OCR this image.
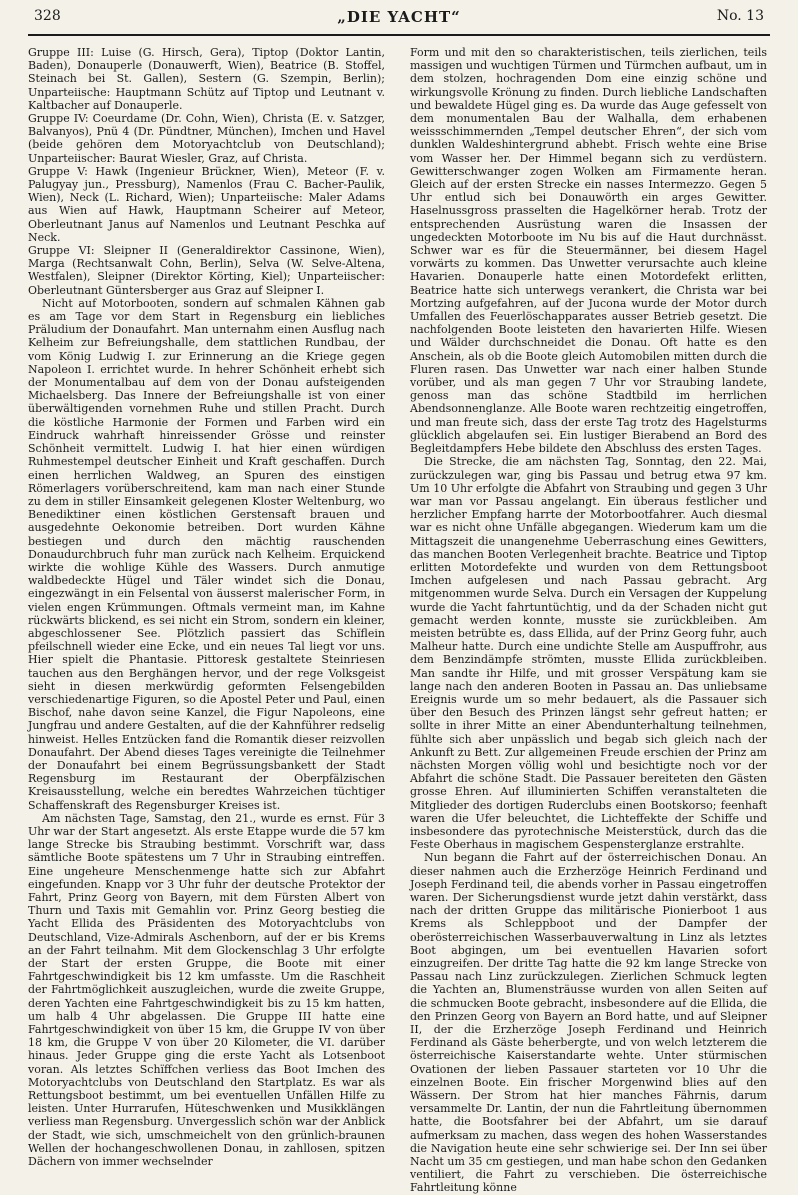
328	„DIE YACHT“	No. 13

Gruppe III: Luise (G. Hirsch, Gera), Tiptop (Doktor Lantin, Baden), Donauperle (Donauwerft, Wien), Beatrice (B. Stoffel, Steinach bei St. Gallen), Sestern (G. Szempin, Berlin); Unparteiische: Hauptmann Schütz auf Tiptop und Leutnant v. Kaltbacher auf Donauperle.

Gruppe IV: Coeurdame (Dr. Cohn, Wien), Christa (E. v. Satzger, Balvanyos), Pnü 4 (Dr. Pündtner, München), Imchen und Havel (beide gehören dem Motoryachtclub von Deutschland); Unparteiischer: Baurat Wiesler, Graz, auf Christa.

Gruppe V: Hawk (Ingenieur Brückner, Wien), Meteor (F. v. Palugyay jun., Pressburg), Namenlos (Frau C. Bacher-Paulik, Wien), Neck (L. Richard, Wien); Unparteiische: Maler Adams aus Wien auf Hawk, Hauptmann Scheirer auf Meteor, Oberleutnant Janus auf Namenlos und Leutnant Peschka auf Neck.

Gruppe VI: Sleipner II (Generaldirektor Cassinone, Wien), Marga (Rechtsanwalt Cohn, Berlin), Selva (W. Selve-Altena, Westfalen), Sleipner (Direktor Körting, Kiel); Unparteiischer: Oberleutnant Güntersberger aus Graz auf Sleipner I.

Nicht auf Motorbooten, sondern auf schmalen Kähnen gab es am Tage vor dem Start in Regensburg ein liebliches Präludium der Donaufahrt. Man unternahm einen Ausflug nach Kelheim zur Befreiungshalle, dem stattlichen Rundbau, der vom König Ludwig I. zur Erinnerung an die Kriege gegen Napoleon I. errichtet wurde. In hehrer Schönheit erhebt sich der Monumentalbau auf dem von der Donau aufsteigenden Michaelsberg. Das Innere der Befreiungshalle ist von einer überwältigenden vornehmen Ruhe und stillen Pracht. Durch die köstliche Harmonie der Formen und Farben wird ein Eindruck wahrhaft hinreissender Grösse und reinster Schönheit vermittelt. Ludwig I. hat hier einen würdigen Ruhmestempel deutscher Einheit und Kraft geschaffen. Durch einen herrlichen Waldweg, an Spuren des einstigen Römerlagers vorüberschreitend, kam man nach einer Stunde zu dem in stiller Einsamkeit gelegenen Kloster Weltenburg, wo Benediktiner einen köstlichen Gerstensaft brauen und ausgedehnte Oekonomie betreiben. Dort wurden Kähne bestiegen und durch den mächtig rauschenden Donaudurchbruch fuhr man zurück nach Kelheim. Erquickend wirkte die wohlige Kühle des Wassers. Durch anmutige waldbedeckte Hügel und Täler windet sich die Donau, eingezwängt in ein Felsental von äusserst malerischer Form, in vielen engen Krümmungen. Oftmals vermeint man, im Kahne rückwärts blickend, es sei nicht ein Strom, sondern ein kleiner, abgeschlossener See. Plötzlich passiert das Schïflein pfeilschnell wieder eine Ecke, und ein neues Tal liegt vor uns. Hier spielt die Phantasie. Pittoresk gestaltete Steinriesen tauchen aus den Berghängen hervor, und der rege Volksgeist sieht in diesen merkwürdig geformten Felsengebilden verschiedenartige Figuren, so die Apostel Peter und Paul, einen Bischof, nahe davon seine Kanzel, die Figur Napoleons, eine Jungfrau und andere Gestalten, auf die der Kahnführer redselig hinweist. Helles Entzücken fand die Romantik dieser reizvollen Donaufahrt. Der Abend dieses Tages vereinigte die Teilnehmer der Donaufahrt bei einem Begrüssungsbankett der Stadt Regensburg im Restaurant der Oberpfälzischen Kreisausstellung, welche ein beredtes Wahrzeichen tüchtiger Schaffenskraft des Regensburger Kreises ist.

Am nächsten Tage, Samstag, den 21., wurde es ernst. Für 3 Uhr war der Start angesetzt. Als erste Etappe wurde die 57 km lange Strecke bis Straubing bestimmt. Vorschrift war, dass sämtliche Boote spätestens um 7 Uhr in Straubing eintreffen. Eine ungeheure Menschenmenge hatte sich zur Abfahrt eingefunden. Knapp vor 3 Uhr fuhr der deutsche Protektor der Fahrt, Prinz Georg von Bayern, mit dem Fürsten Albert von Thurn und Taxis mit Gemahlin vor. Prinz Georg bestieg die Yacht Ellida des Präsidenten des Motoryachtclubs von Deutschland, Vize-Admirals Aschenborn, auf der er bis Krems an der Fahrt teilnahm. Mit dem Glockenschlag 3 Uhr erfolgte der Start der ersten Gruppe, die Boote mit einer Fahrtgeschwindigkeit bis 12 km umfasste. Um die Raschheit der Fahrtmöglichkeit auszugleichen, wurde die zweite Gruppe, deren Yachten eine Fahrtgeschwindigkeit bis zu 15 km hatten, um halb 4 Uhr abgelassen. Die Gruppe III hatte eine Fahrtgeschwindigkeit von über 15 km, die Gruppe IV von über 18 km, die Gruppe V von über 20 Kilometer, die VI. darüber hinaus. Jeder Gruppe ging die erste Yacht als Lotsenboot voran. Als letztes Schïffchen verliess das Boot Imchen des Motoryachtclubs von Deutschland den Startplatz. Es war als Rettungsboot bestimmt, um bei eventuellen Unfällen Hilfe zu leisten. Unter Hurrarufen, Hüteschwenken und Musikklängen verliess man Regensburg. Unvergesslich schön war der Anblick der Stadt, wie sich, umschmeichelt von den grünlich-braunen Wellen der hochangeschwollenen Donau, in zahllosen, spitzen Dächern von immer wechselnder

Form und mit den so charakteristischen, teils zierlichen, teils massigen und wuchtigen Türmen und Türmchen aufbaut, um in dem stolzen, hochragenden Dom eine einzig schöne und wirkungsvolle Krönung zu finden. Durch liebliche Landschaften und bewaldete Hügel ging es. Da wurde das Auge gefesselt von dem monumentalen Bau der Walhalla, dem erhabenen weissschimmernden „Tempel deutscher Ehren“, der sich vom dunklen Waldeshintergrund abhebt. Frisch wehte eine Brise vom Wasser her. Der Himmel begann sich zu verdüstern. Gewitterschwanger zogen Wolken am Firmamente heran. Gleich auf der ersten Strecke ein nasses Intermezzo. Gegen 5 Uhr entlud sich bei Donauwörth ein arges Gewitter. Haselnussgross prasselten die Hagelkörner herab. Trotz der entsprechenden Ausrüstung waren die Insassen der ungedeckten Motorboote im Nu bis auf die Haut durchnässt. Schwer war es für die Steuermänner, bei diesem Hagel vorwärts zu kommen. Das Unwetter verursachte auch kleine Havarien. Donauperle hatte einen Motordefekt erlitten, Beatrice hatte sich unterwegs verankert, die Christa war bei Mortzing aufgefahren, auf der Jucona wurde der Motor durch Umfallen des Feuerlöschapparates ausser Betrieb gesetzt. Die nachfolgenden Boote leisteten den havarierten Hilfe. Wiesen und Wälder durchschneidet die Donau. Oft hatte es den Anschein, als ob die Boote gleich Automobilen mitten durch die Fluren rasen. Das Unwetter war nach einer halben Stunde vorüber, und als man gegen 7 Uhr vor Straubing landete, genoss man das schöne Stadtbild im herrlichen Abendsonnenglanze. Alle Boote waren rechtzeitig eingetroffen, und man freute sich, dass der erste Tag trotz des Hagelsturms glücklich abgelaufen sei. Ein lustiger Bierabend an Bord des Begleitdampfers Hebe bildete den Abschluss des ersten Tages.

Die Strecke, die am nächsten Tag, Sonntag, den 22. Mai, zurückzulegen war, ging bis Passau und betrug etwa 97 km. Um 10 Uhr erfolgte die Abfahrt von Straubing und gegen 3 Uhr war man vor Passau angelangt. Ein überaus festlicher und herzlicher Empfang harrte der Motorbootfahrer. Auch diesmal war es nicht ohne Unfälle abgegangen. Wiederum kam um die Mittagszeit die unangenehme Ueberraschung eines Gewitters, das manchen Booten Verlegenheit brachte. Beatrice und Tiptop erlitten Motordefekte und wurden von dem Rettungsboot Imchen aufgelesen und nach Passau gebracht. Arg mitgenommen wurde Selva. Durch ein Versagen der Kuppelung wurde die Yacht fahrtuntüchtig, und da der Schaden nicht gut gemacht werden konnte, musste sie zurückbleiben. Am meisten betrübte es, dass Ellida, auf der Prinz Georg fuhr, auch Malheur hatte. Durch eine undichte Stelle am Auspuffrohr, aus dem Benzindämpfe strömten, musste Ellida zurückbleiben. Man sandte ihr Hilfe, und mit grosser Verspätung kam sie lange nach den anderen Booten in Passau an. Das unliebsame Ereignis wurde um so mehr bedauert, als die Passauer sich über den Besuch des Prinzen längst sehr gefreut hatten; er sollte in ihrer Mitte an einer Abendunterhaltung teilnehmen, fühlte sich aber unpässlich und begab sich gleich nach der Ankunft zu Bett. Zur allgemeinen Freude erschien der Prinz am nächsten Morgen völlig wohl und besichtigte noch vor der Abfahrt die schöne Stadt. Die Passauer bereiteten den Gästen grosse Ehren. Auf illuminierten Schiffen veranstalteten die Mitglieder des dortigen Ruderclubs einen Bootskorso; feenhaft waren die Ufer beleuchtet, die Lichteffekte der Schiffe und insbesondere das pyrotechnische Meisterstück, durch das die Feste Oberhaus in magischem Gespensterglanze erstrahlte.

Nun begann die Fahrt auf der österreichischen Donau. An dieser nahmen auch die Erzherzöge Heinrich Ferdinand und Joseph Ferdinand teil, die abends vorher in Passau eingetroffen waren. Der Sicherungsdienst wurde jetzt dahin verstärkt, dass nach der dritten Gruppe das militärische Pionierboot 1 aus Krems als Schleppboot und der Dampfer der oberösterreichischen Wasserbauverwaltung in Linz als letztes Boot abgingen, um bei eventuellen Havarien sofort einzugreifen. Der dritte Tag hatte die 92 km lange Strecke von Passau nach Linz zurückzulegen. Zierlichen Schmuck legten die Yachten an, Blumensträusse wurden von allen Seiten auf die schmucken Boote gebracht, insbesondere auf die Ellida, die den Prinzen Georg von Bayern an Bord hatte, und auf Sleipner II, der die Erzherzöge Joseph Ferdinand und Heinrich Ferdinand als Gäste beherbergte, und von welch letzterem die österreichische Kaiserstandarte wehte. Unter stürmischen Ovationen der lieben Passauer starteten vor 10 Uhr die einzelnen Boote. Ein frischer Morgenwind blies auf den Wässern. Der Strom hat hier manches Fährnis, darum versammelte Dr. Lantin, der nun die Fahrtleitung übernommen hatte, die Bootsfahrer bei der Abfahrt, um sie darauf aufmerksam zu machen, dass wegen des hohen Wasserstandes die Navigation heute eine sehr schwierige sei. Der Inn sei über Nacht um 35 cm gestiegen, und man habe schon den Gedanken ventiliert, die Fahrt zu verschieben. Die österreichische Fahrtleitung könne
